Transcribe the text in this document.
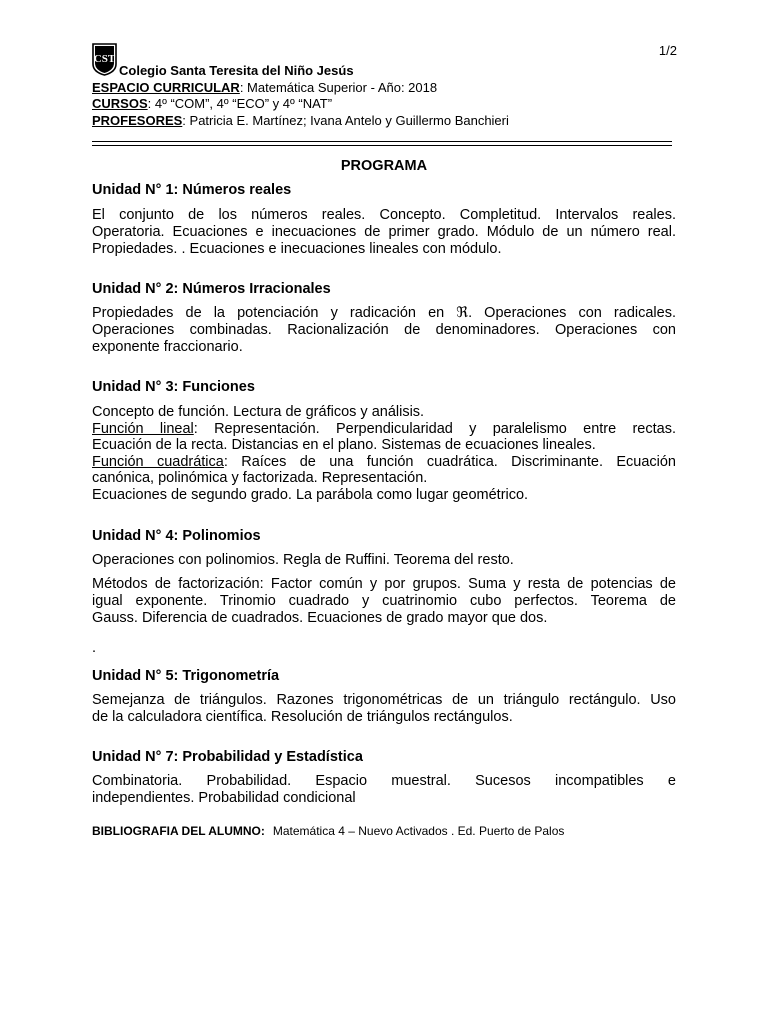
1/2
CST
Colegio Santa Teresita del Niño Jesús
ESPACIO CURRICULAR: Matemática Superior - Año: 2018
CURSOS: 4º “COM”, 4º “ECO” y 4º “NAT”
PROFESORES: Patricia E. Martínez; Ivana Antelo y Guillermo Banchieri
PROGRAMA
Unidad N° 1: Números reales
El conjunto de los números reales. Concepto. Completitud. Intervalos reales.
Operatoria. Ecuaciones e inecuaciones de primer grado. Módulo de un número real.
Propiedades. . Ecuaciones e inecuaciones lineales con módulo.
Unidad N° 2: Números Irracionales
Propiedades de la potenciación y radicación en ℜ. Operaciones con radicales.
Operaciones combinadas. Racionalización de denominadores. Operaciones con
exponente fraccionario.
Unidad N° 3: Funciones
Concepto de función. Lectura de gráficos y análisis.
Función lineal: Representación. Perpendicularidad y paralelismo entre rectas.
Ecuación de la recta. Distancias en el plano. Sistemas de ecuaciones lineales.
Función cuadrática: Raíces de una función cuadrática. Discriminante. Ecuación
canónica, polinómica y factorizada. Representación.
Ecuaciones de segundo grado. La parábola como lugar geométrico.
Unidad N° 4: Polinomios
Operaciones con polinomios. Regla de Ruffini. Teorema del resto.
Métodos de factorización: Factor común y por grupos. Suma y resta de potencias de
igual exponente. Trinomio cuadrado y cuatrinomio cubo perfectos. Teorema de
Gauss. Diferencia de cuadrados. Ecuaciones de grado mayor que dos.
.
Unidad N° 5: Trigonometría
Semejanza de triángulos. Razones trigonométricas de un triángulo rectángulo. Uso
de la calculadora científica. Resolución de triángulos rectángulos.
Unidad N° 7: Probabilidad y Estadística
Combinatoria. Probabilidad. Espacio muestral. Sucesos incompatibles e
independientes. Probabilidad condicional
BIBLIOGRAFIA DEL ALUMNO: Matemática 4 – Nuevo Activados . Ed. Puerto de Palos
